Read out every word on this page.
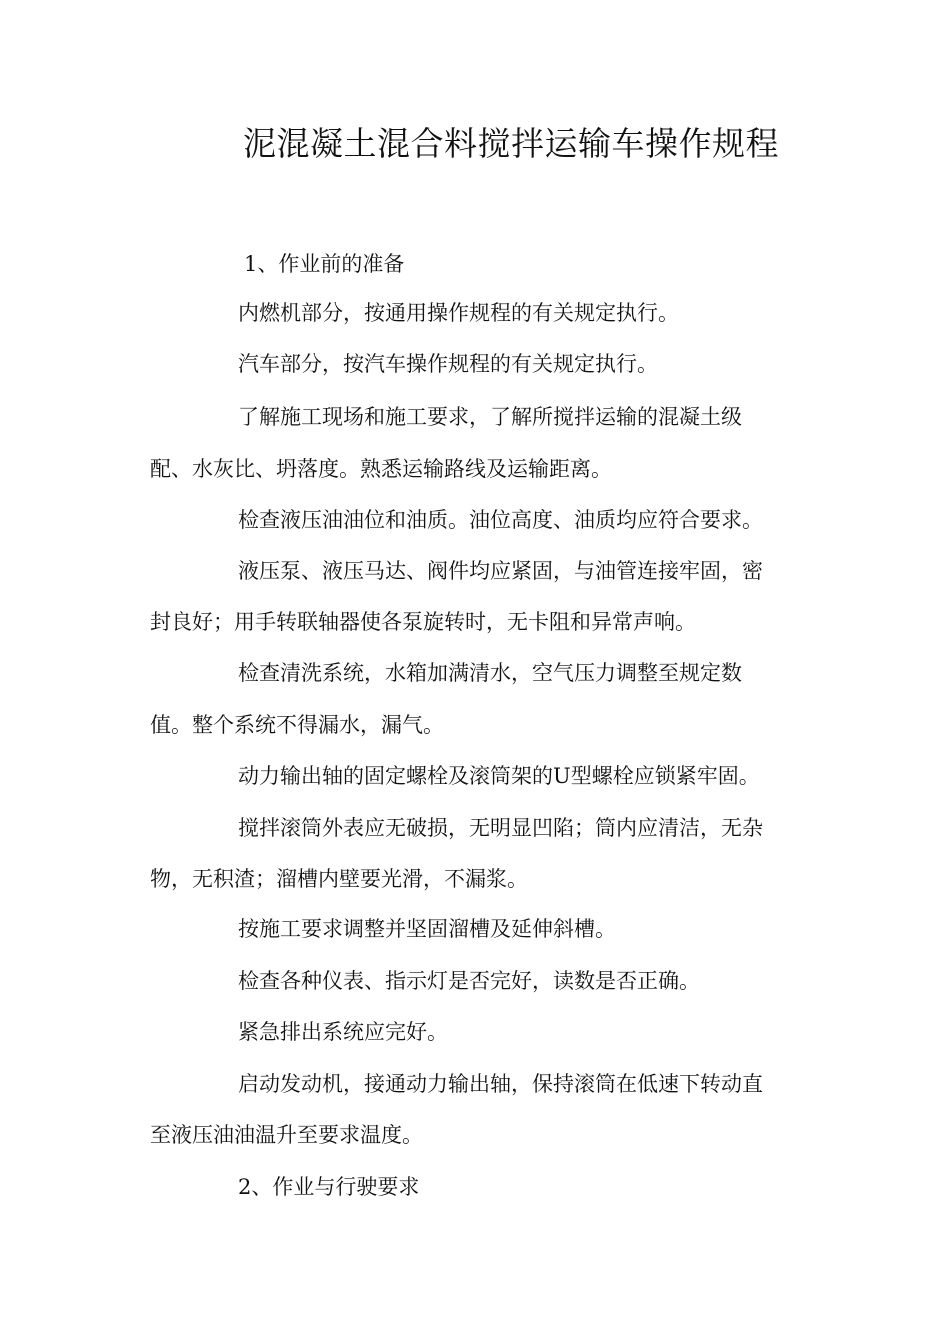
泥混凝土混合料搅拌运输车操作规程

1、作业前的准备

内燃机部分，按通用操作规程的有关规定执行。

汽车部分，按汽车操作规程的有关规定执行。

了解施工现场和施工要求，了解所搅拌运输的混凝土级

配、水灰比、坍落度。熟悉运输路线及运输距离。

检查液压油油位和油质。油位高度、油质均应符合要求。

液压泵、液压马达、阀件均应紧固，与油管连接牢固，密

封良好；用手转联轴器使各泵旋转时，无卡阻和异常声响。

检查清洗系统，水箱加满清水，空气压力调整至规定数

值。整个系统不得漏水，漏气。

动力输出轴的固定螺栓及滚筒架的U型螺栓应锁紧牢固。

搅拌滚筒外表应无破损，无明显凹陷；筒内应清洁，无杂

物，无积渣；溜槽内壁要光滑，不漏浆。

按施工要求调整并坚固溜槽及延伸斜槽。

检查各种仪表、指示灯是否完好，读数是否正确。

紧急排出系统应完好。

启动发动机，接通动力输出轴，保持滚筒在低速下转动直

至液压油油温升至要求温度。

2、作业与行驶要求
